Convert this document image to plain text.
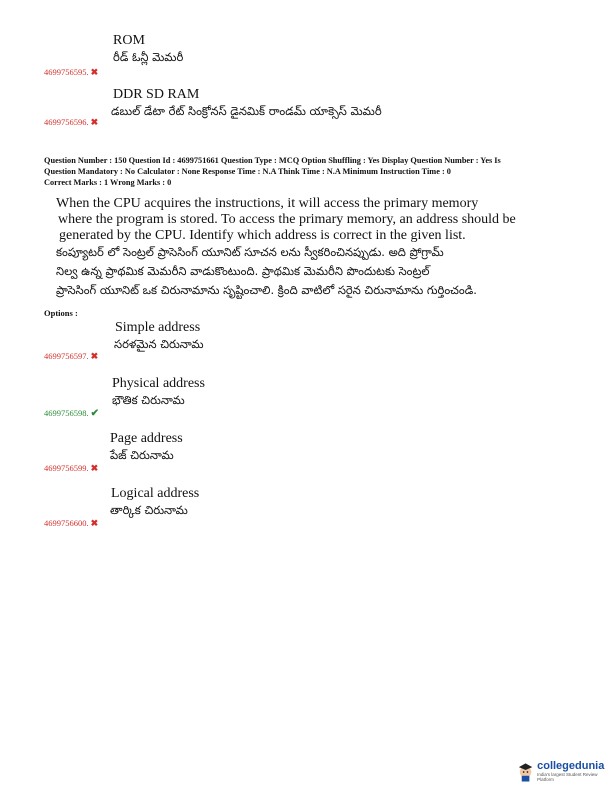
ROM
రీడ్ ఓన్లీ మెమరీ
4699756595. ✖
DDR SD RAM
డబుల్ డేటా రేట్ సింక్రోనస్ డైనమిక్ రాండమ్ యాక్సెస్ మెమరీ
4699756596. ✖
Question Number : 150 Question Id : 4699751661 Question Type : MCQ Option Shuffling : Yes Display Question Number : Yes Is
Question Mandatory : No Calculator : None Response Time : N.A Think Time : N.A Minimum Instruction Time : 0
Correct Marks : 1 Wrong Marks : 0
When the CPU acquires the instructions, it will access the primary memory
where the program is stored. To access the primary memory, an address should be
generated by the CPU. Identify which address is correct in the given list.
కంప్యూటర్ లో సెంట్రల్ ప్రాసెసింగ్ యూనిట్ సూచన లను స్వీకరించినప్పుడు. అది ప్రోగ్రామ్
నిల్వ ఉన్న ప్రాథమిక మెమరీని వాడుకొంటుంది. ప్రాథమిక మెమరీని పొందుటకు సెంట్రల్
ప్రాసెసింగ్ యూనిట్ ఒక చిరునామాను సృష్టించాలి. క్రింది వాటిలో సరైన చిరునామాను గుర్తించండి.
Options :
Simple address
సరళమైన చిరునామ
4699756597. ✖
Physical address
భౌతిక చిరునామ
4699756598. ✔
Page address
పేజ్ చిరునామ
4699756599. ✖
Logical address
తార్కిక చిరునామ
4699756600. ✖
collegedunia
India's largest Student Review Platform
